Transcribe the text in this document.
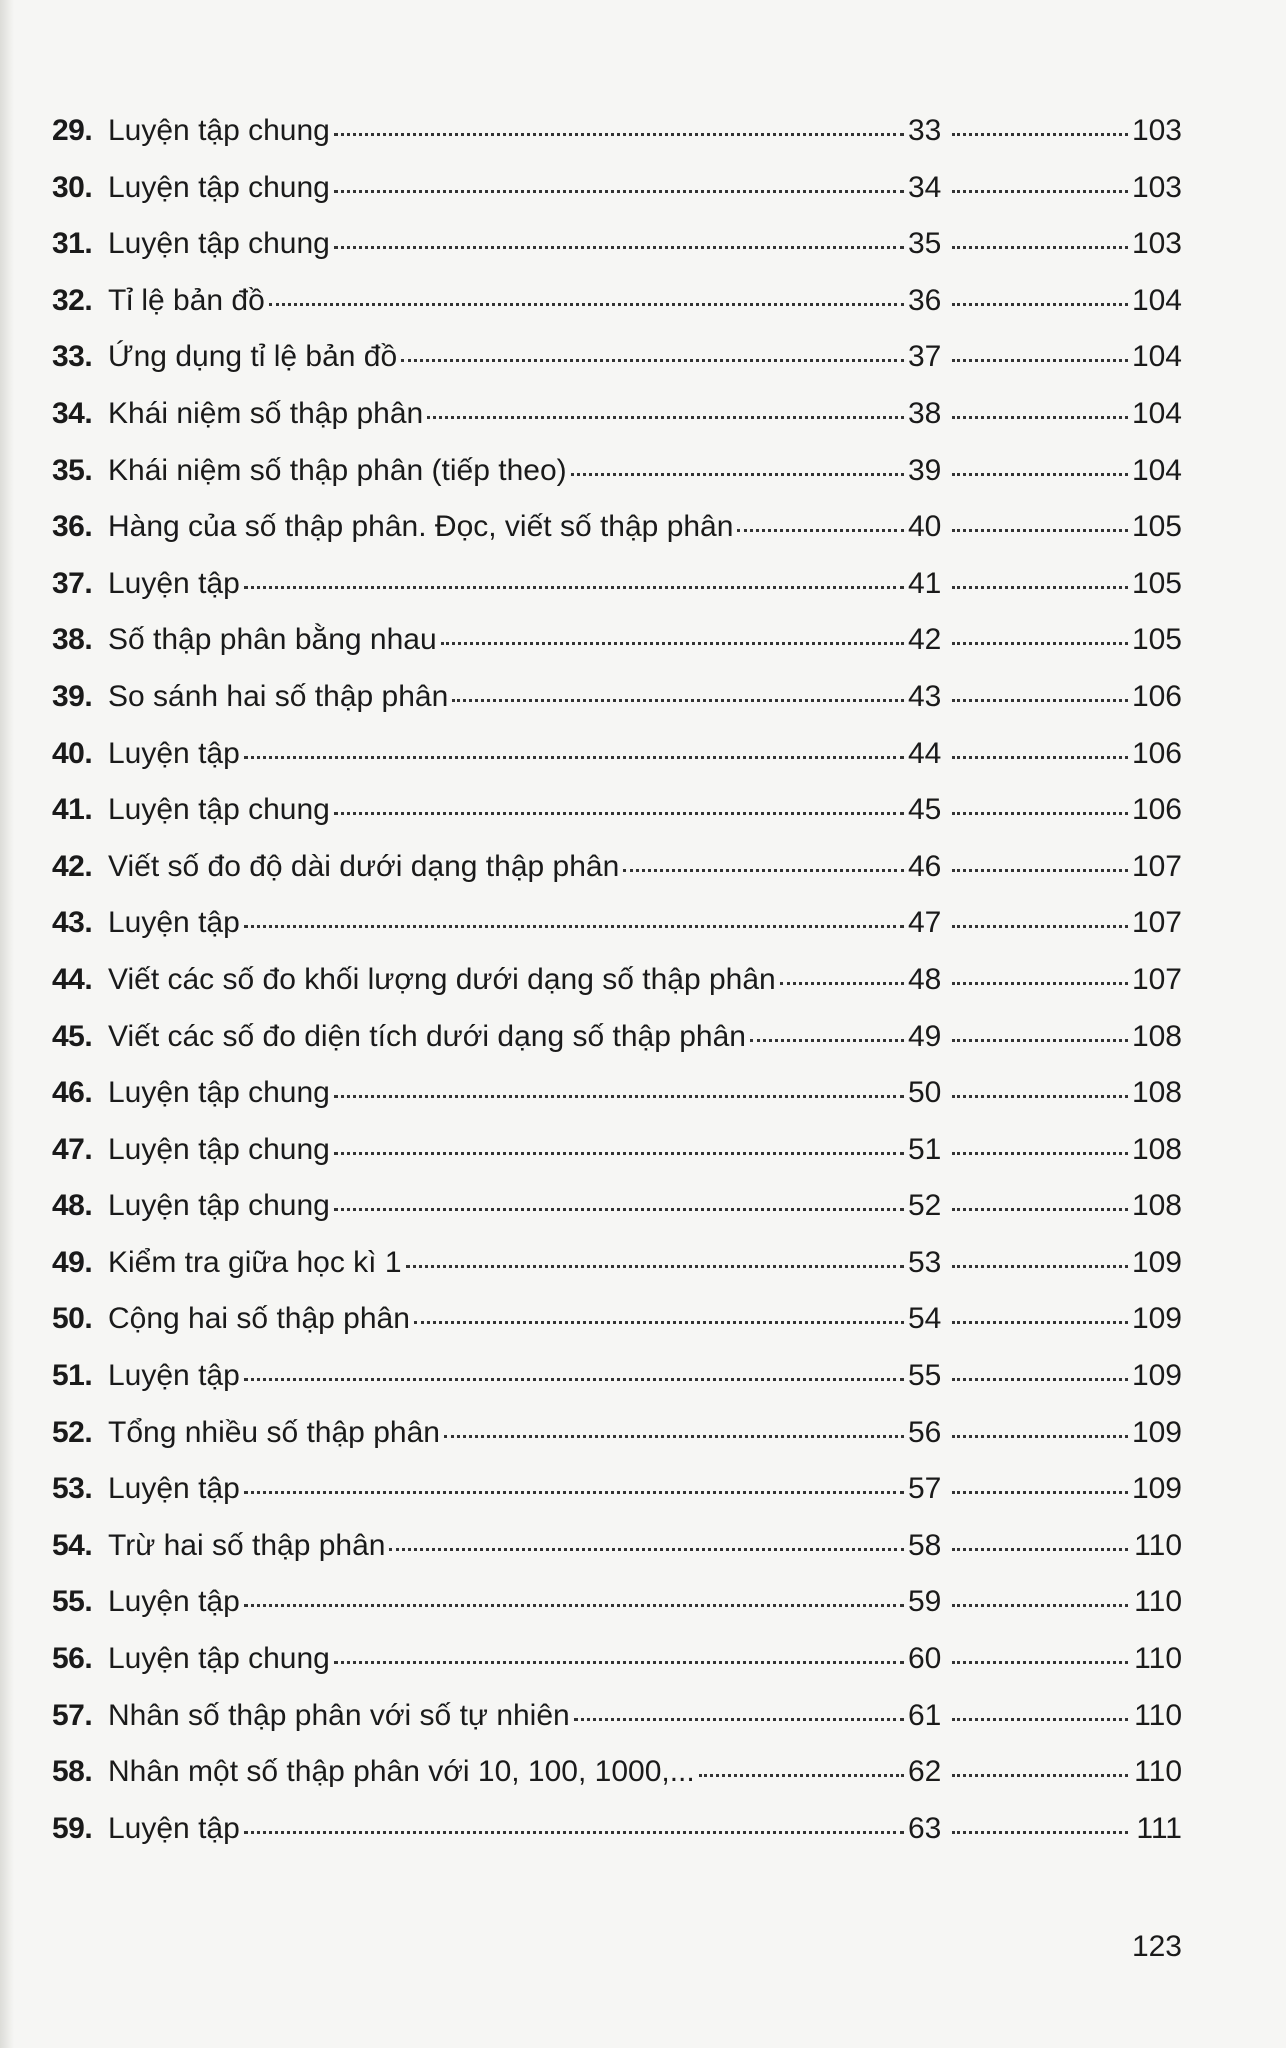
29. Luyện tập chung	33	103
30. Luyện tập chung	34	103
31. Luyện tập chung	35	103
32. Tỉ lệ bản đồ	36	104
33. Ứng dụng tỉ lệ bản đồ	37	104
34. Khái niệm số thập phân	38	104
35. Khái niệm số thập phân (tiếp theo)	39	104
36. Hàng của số thập phân. Đọc, viết số thập phân	40	105
37. Luyện tập	41	105
38. Số thập phân bằng nhau	42	105
39. So sánh hai số thập phân	43	106
40. Luyện tập	44	106
41. Luyện tập chung	45	106
42. Viết số đo độ dài dưới dạng thập phân	46	107
43. Luyện tập	47	107
44. Viết các số đo khối lượng dưới dạng số thập phân	48	107
45. Viết các số đo diện tích dưới dạng số thập phân	49	108
46. Luyện tập chung	50	108
47. Luyện tập chung	51	108
48. Luyện tập chung	52	108
49. Kiểm tra giữa học kì 1	53	109
50. Cộng hai số thập phân	54	109
51. Luyện tập	55	109
52. Tổng nhiều số thập phân	56	109
53. Luyện tập	57	109
54. Trừ hai số thập phân	58	110
55. Luyện tập	59	110
56. Luyện tập chung	60	110
57. Nhân số thập phân với số tự nhiên	61	110
58. Nhân một số thập phân với 10, 100, 1000,...	62	110
59. Luyện tập	63	111
123
